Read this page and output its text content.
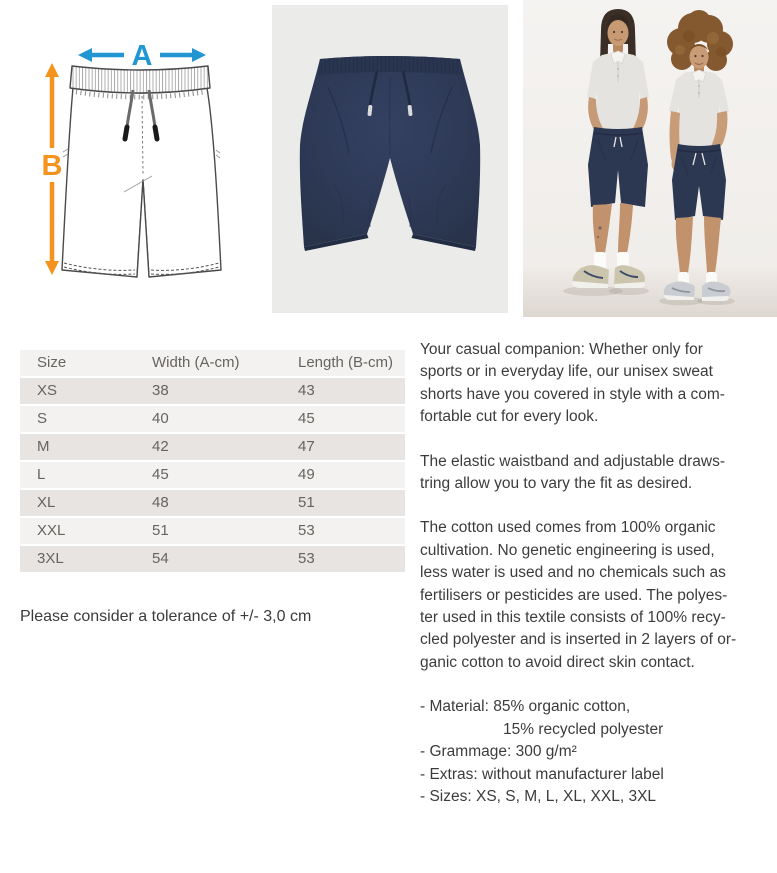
A
B
Size	Width (A-cm)	Length (B-cm)
XS	38	43
S	40	45
M	42	47
L	45	49
XL	48	51
XXL	51	53
3XL	54	53
Please consider a tolerance of +/- 3,0 cm
Your casual companion: Whether only for
sports or in everyday life, our unisex sweat
shorts have you covered in style with a com-
fortable cut for every look.
The elastic waistband and adjustable draws-
tring allow you to vary the fit as desired.
The cotton used comes from 100% organic
cultivation. No genetic engineering is used,
less water is used and no chemicals such as
fertilisers or pesticides are used. The polyes-
ter used in this textile consists of 100% recy-
cled polyester and is inserted in 2 layers of or-
ganic cotton to avoid direct skin contact.
- Material: 85% organic cotton,
15% recycled polyester
- Grammage: 300 g/m²
- Extras: without manufacturer label
- Sizes: XS, S, M, L, XL, XXL, 3XL
